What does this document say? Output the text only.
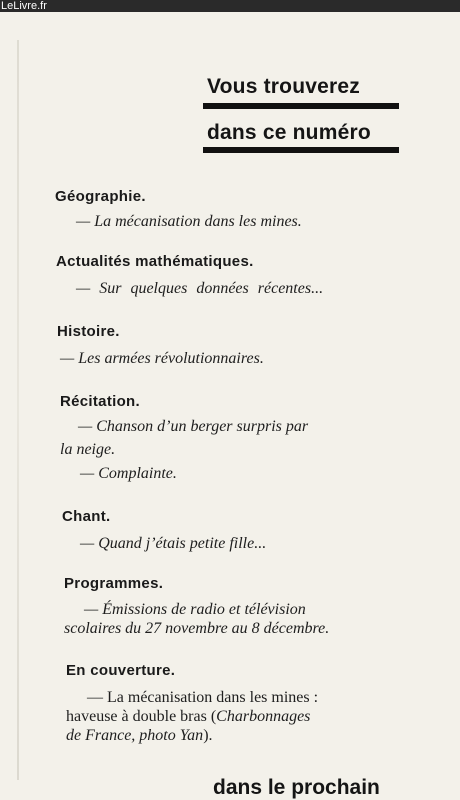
LeLivre.fr
Vous trouverez
dans ce numéro
Géographie.
— La mécanisation dans les mines.
Actualités mathématiques.
— Sur quelques données récentes...
Histoire.
— Les armées révolutionnaires.
Récitation.
— Chanson d’un berger surpris par
la neige.
— Complainte.
Chant.
— Quand j’étais petite fille...
Programmes.
— Émissions de radio et télévision
scolaires du 27 novembre au 8 décembre.
En couverture.
— La mécanisation dans les mines :
haveuse à double bras (Charbonnages
de France, photo Yan).
dans le prochain
